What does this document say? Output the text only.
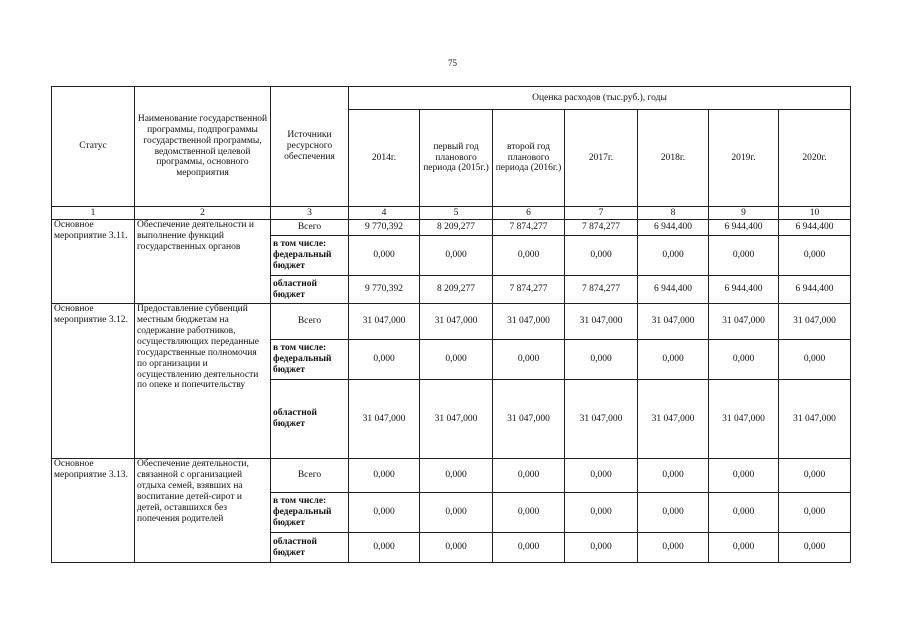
75
Статус	Наименование государственной программы, подпрограммы государственной программы, ведомственной целевой программы, основного мероприятия	Источники ресурсного обеспечения	Оценка расходов (тыс.руб.), годы						
			2014г.	первый год планового периода (2015г.)	второй год планового периода (2016г.)	2017г.	2018г.	2019г.	2020г.
1	2	3	4	5	6	7	8	9	10
Основное мероприятие 3.11.	Обеспечение деятельности и выполнение функций государственных органов	Всего	9 770,392	8 209,277	7 874,277	7 874,277	6 944,400	6 944,400	6 944,400
		в том числе: федеральный бюджет	0,000	0,000	0,000	0,000	0,000	0,000	0,000
		областной бюджет	9 770,392	8 209,277	7 874,277	7 874,277	6 944,400	6 944,400	6 944,400
Основное мероприятие 3.12.	Предоставление субвенций местным бюджетам на содержание работников, осуществляющих переданные государственные полномочия по организации и осуществлению деятельности по опеке и попечительству	Всего	31 047,000	31 047,000	31 047,000	31 047,000	31 047,000	31 047,000	31 047,000
		в том числе: федеральный бюджет	0,000	0,000	0,000	0,000	0,000	0,000	0,000
		областной бюджет	31 047,000	31 047,000	31 047,000	31 047,000	31 047,000	31 047,000	31 047,000
Основное мероприятие 3.13.	Обеспечение деятельности, связанной с организацией отдыха семей, взявших на воспитание детей-сирот и детей, оставшихся без попечения родителей	Всего	0,000	0,000	0,000	0,000	0,000	0,000	0,000
		в том числе: федеральный бюджет	0,000	0,000	0,000	0,000	0,000	0,000	0,000
		областной бюджет	0,000	0,000	0,000	0,000	0,000	0,000	0,000
